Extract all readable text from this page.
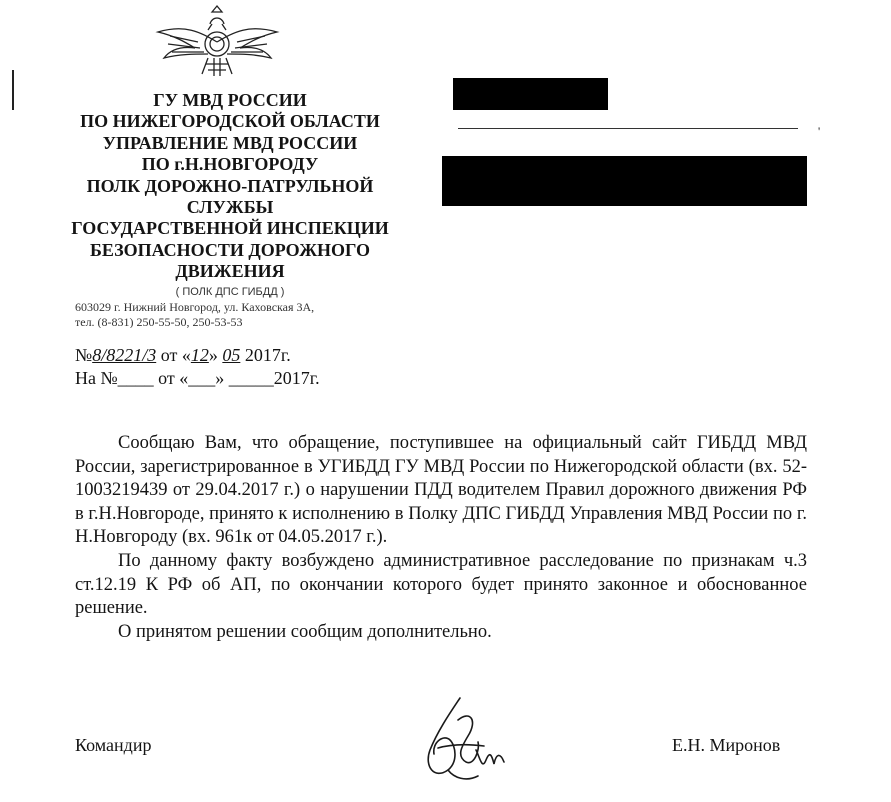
ГУ МВД РОССИИ
ПО НИЖЕГОРОДСКОЙ ОБЛАСТИ
УПРАВЛЕНИЕ МВД РОССИИ
ПО г.Н.НОВГОРОДУ
ПОЛК ДОРОЖНО-ПАТРУЛЬНОЙ
СЛУЖБЫ
ГОСУДАРСТВЕННОЙ ИНСПЕКЦИИ
БЕЗОПАСНОСТИ ДОРОЖНОГО
ДВИЖЕНИЯ
( ПОЛК ДПС ГИБДД )
603029 г. Нижний Новгород, ул. Каховская 3А,
тел. (8-831) 250-55-50, 250-53-53
№8/8221/3 от «12» 05 2017г.
На №____ от «___» _____2017г.
'

Сообщаю Вам, что обращение, поступившее на официальный сайт ГИБДД МВД России, зарегистрированное в УГИБДД ГУ МВД России по Нижегородской области (вх. 52-1003219439 от 29.04.2017 г.) о нарушении ПДД водителем Правил дорожного движения РФ в г.Н.Новгороде, принято к исполнению в Полку ДПС ГИБДД Управления МВД России по г. Н.Новгороду (вх. 961к от 04.05.2017 г.).

По данному факту возбуждено административное расследование по признакам ч.3 ст.12.19 К РФ об АП, по окончании которого будет принято законное и обоснованное решение.

О принятом решении сообщим дополнительно.

Командир	Е.Н. Миронов
